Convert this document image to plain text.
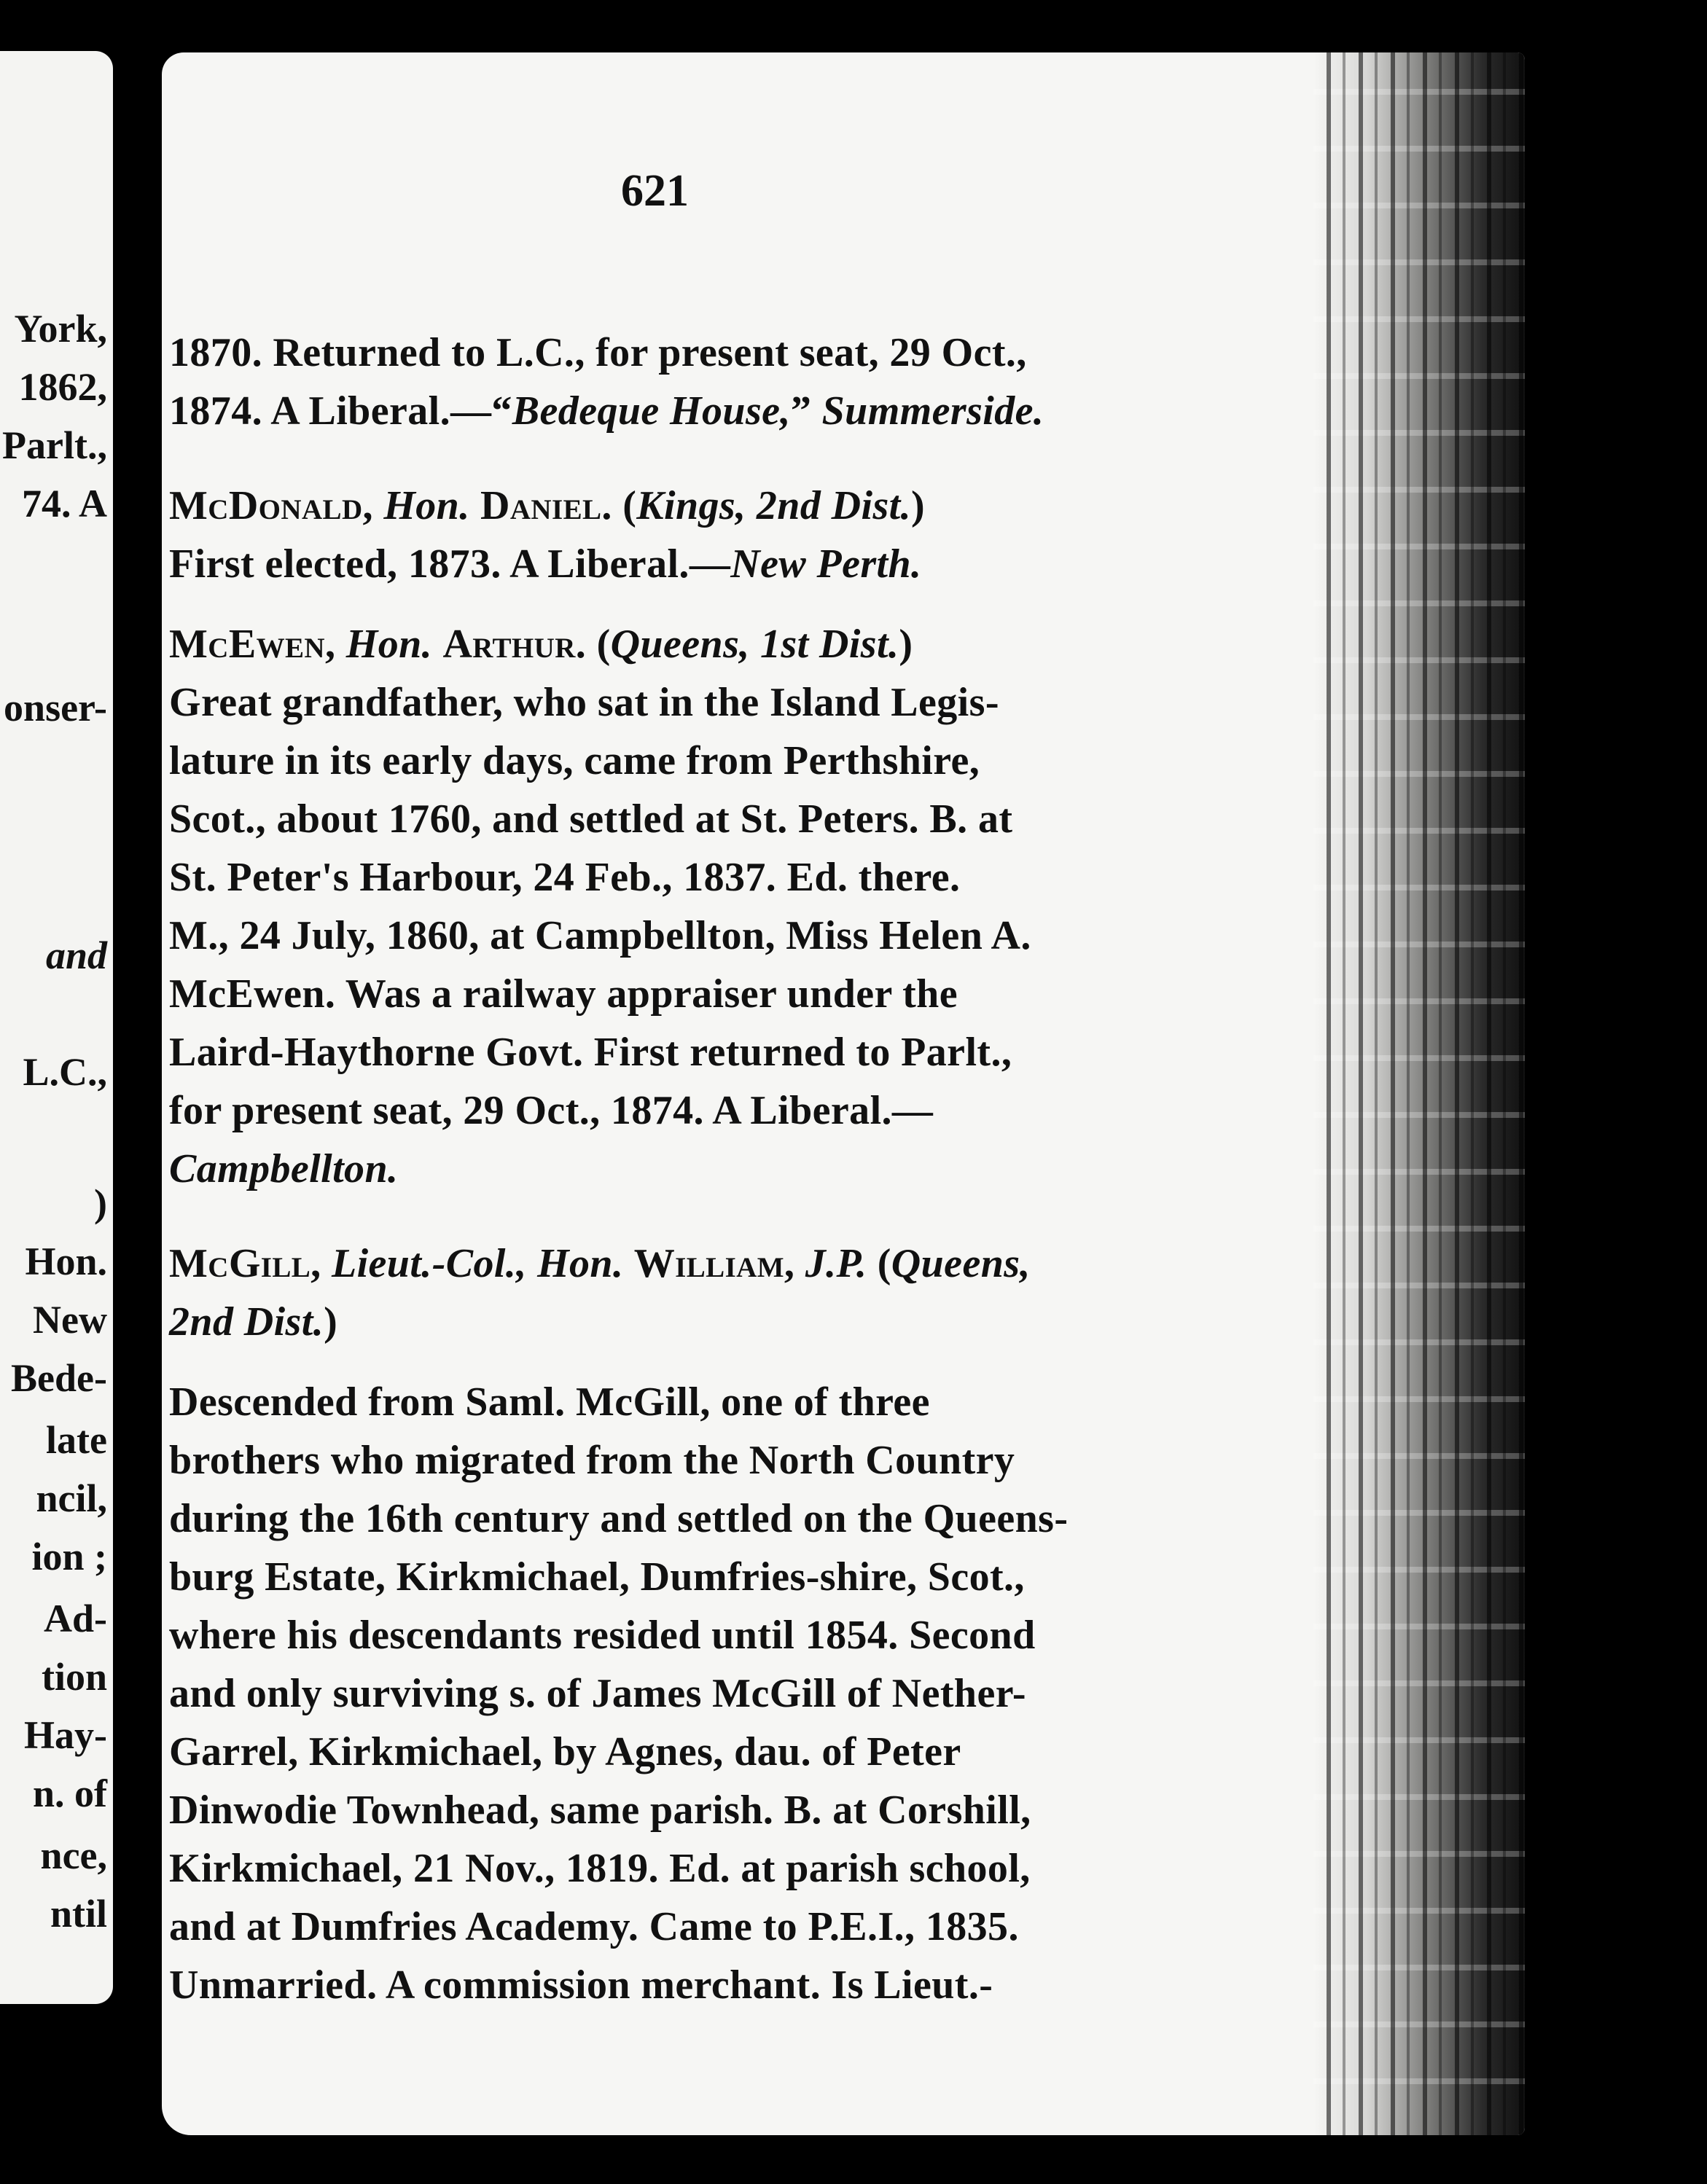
York,
1862,
Parlt.,
74. A
onser-
and
L.C.,
)
Hon.
New
Bede-
late
ncil,
ion ;
Ad-
tion
Hay-
n. of
nce,
ntil
621
1870. Returned to L.C., for present seat, 29 Oct.,
1874. A Liberal.—“Bedeque House,” Summerside.
McDonald, Hon. Daniel. (Kings, 2nd Dist.)
First elected, 1873. A Liberal.—New Perth.
McEwen, Hon. Arthur. (Queens, 1st Dist.)
Great grandfather, who sat in the Island Legis-
lature in its early days, came from Perthshire,
Scot., about 1760, and settled at St. Peters. B. at
St. Peter's Harbour, 24 Feb., 1837. Ed. there.
M., 24 July, 1860, at Campbellton, Miss Helen A.
McEwen. Was a railway appraiser under the
Laird-Haythorne Govt. First returned to Parlt.,
for present seat, 29 Oct., 1874. A Liberal.—
Campbellton.
McGill, Lieut.-Col., Hon. William, J.P. (Queens,
2nd Dist.)
Descended from Saml. McGill, one of three
brothers who migrated from the North Country
during the 16th century and settled on the Queens-
burg Estate, Kirkmichael, Dumfries-shire, Scot.,
where his descendants resided until 1854. Second
and only surviving s. of James McGill of Nether-
Garrel, Kirkmichael, by Agnes, dau. of Peter
Dinwodie Townhead, same parish. B. at Corshill,
Kirkmichael, 21 Nov., 1819. Ed. at parish school,
and at Dumfries Academy. Came to P.E.I., 1835.
Unmarried. A commission merchant. Is Lieut.-
